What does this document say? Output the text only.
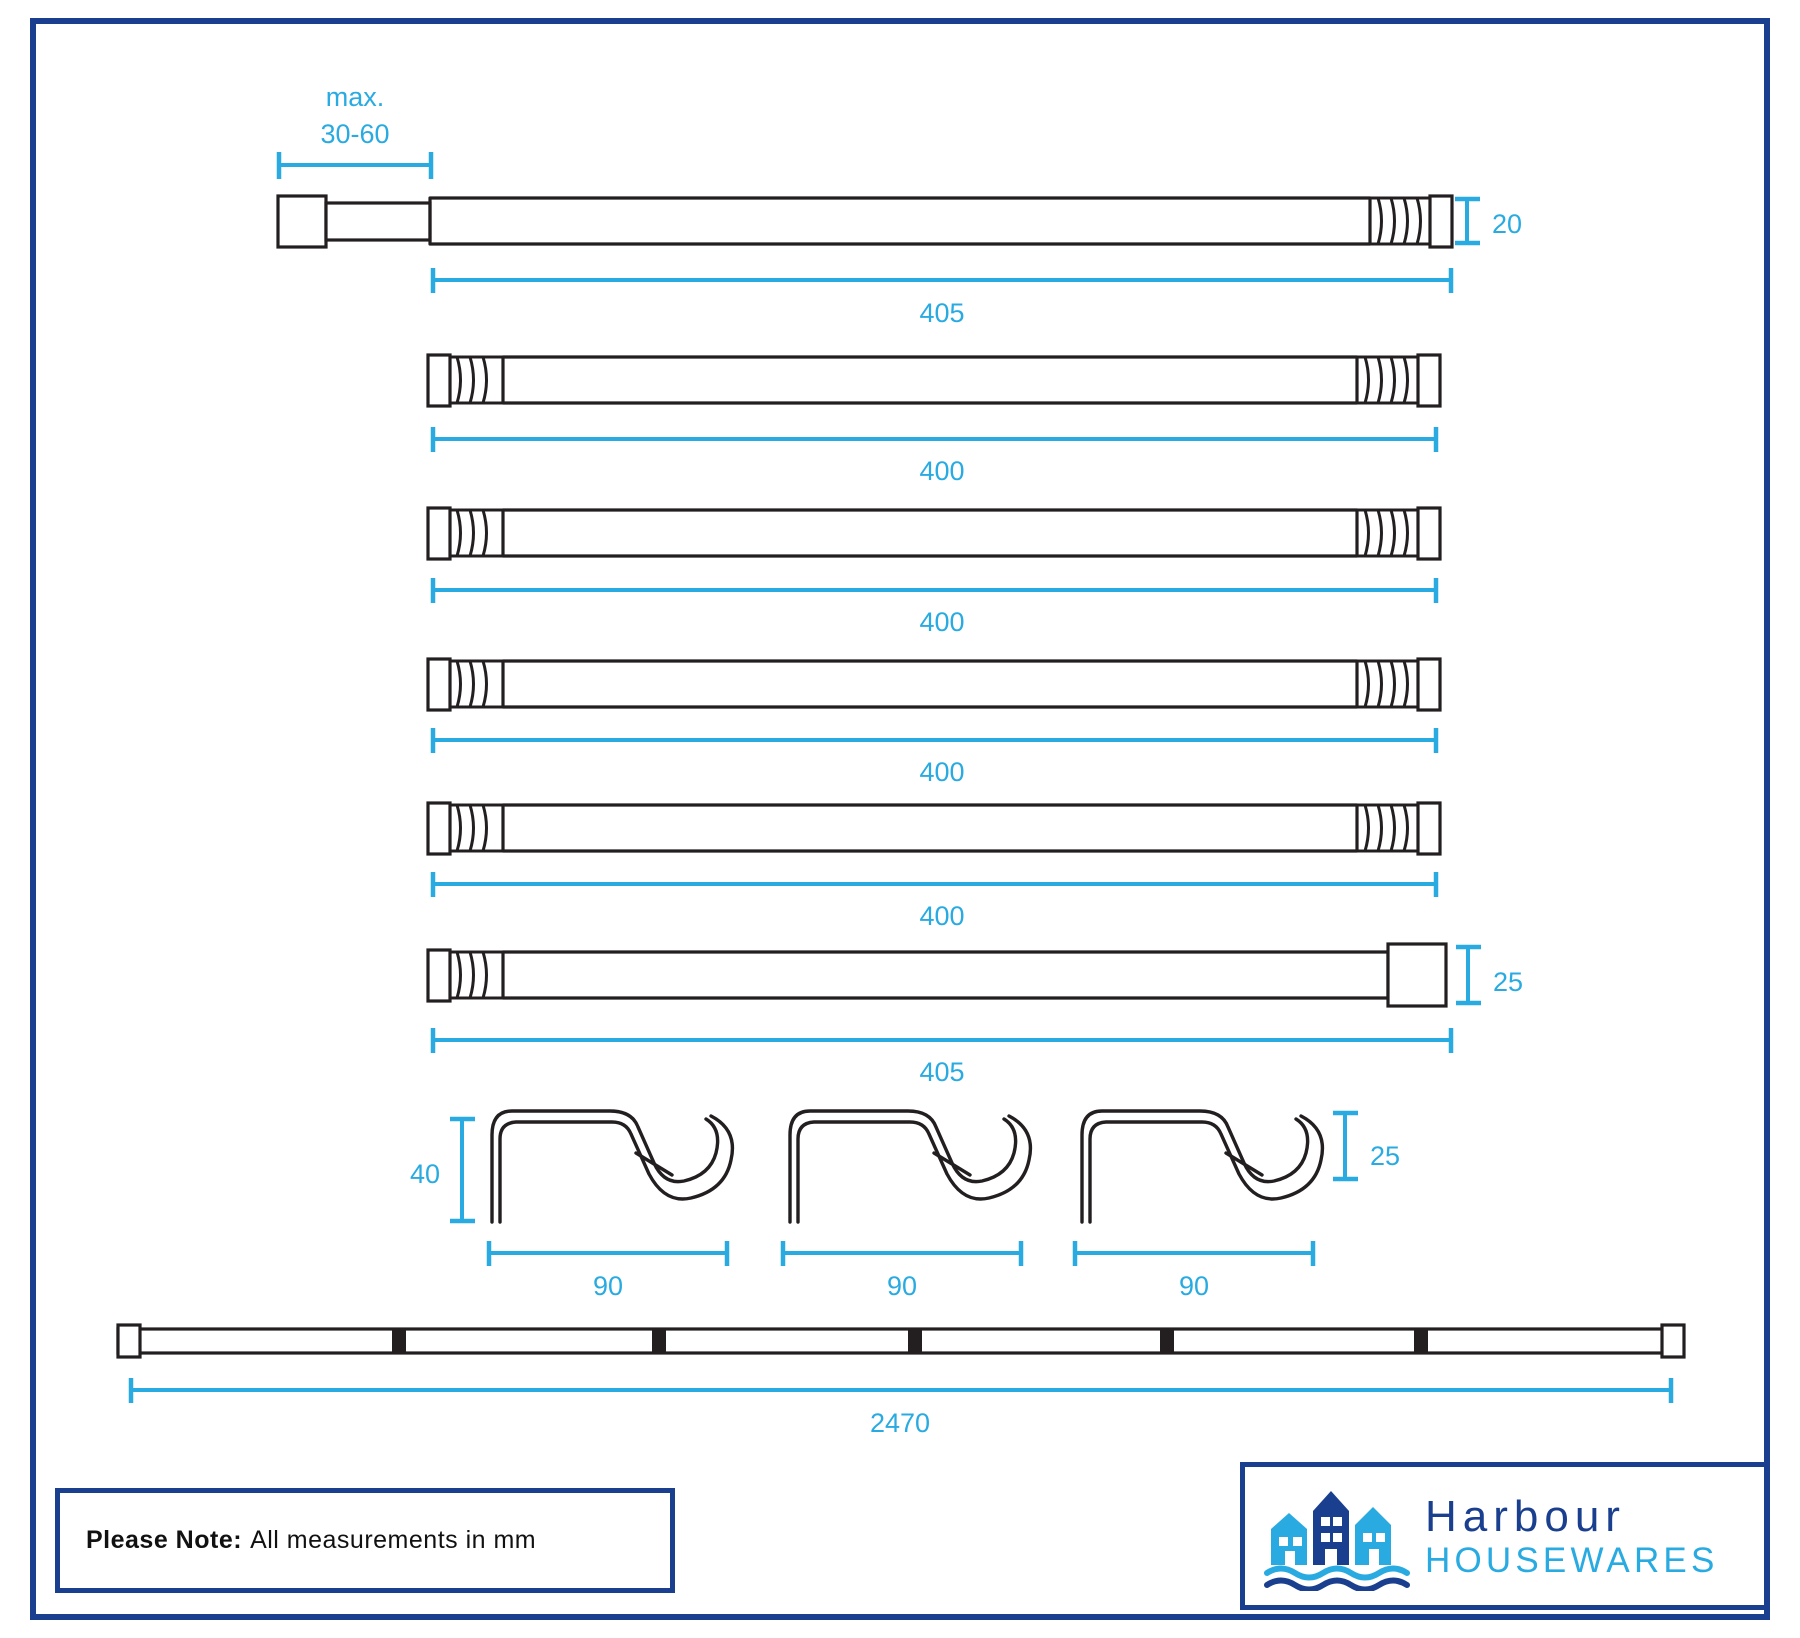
max.
30-60
20
405
400
400
400
400
25
405
40
25
90	90	90
2470
Please Note: All measurements in mm	Harbour
HOUSEWARES
